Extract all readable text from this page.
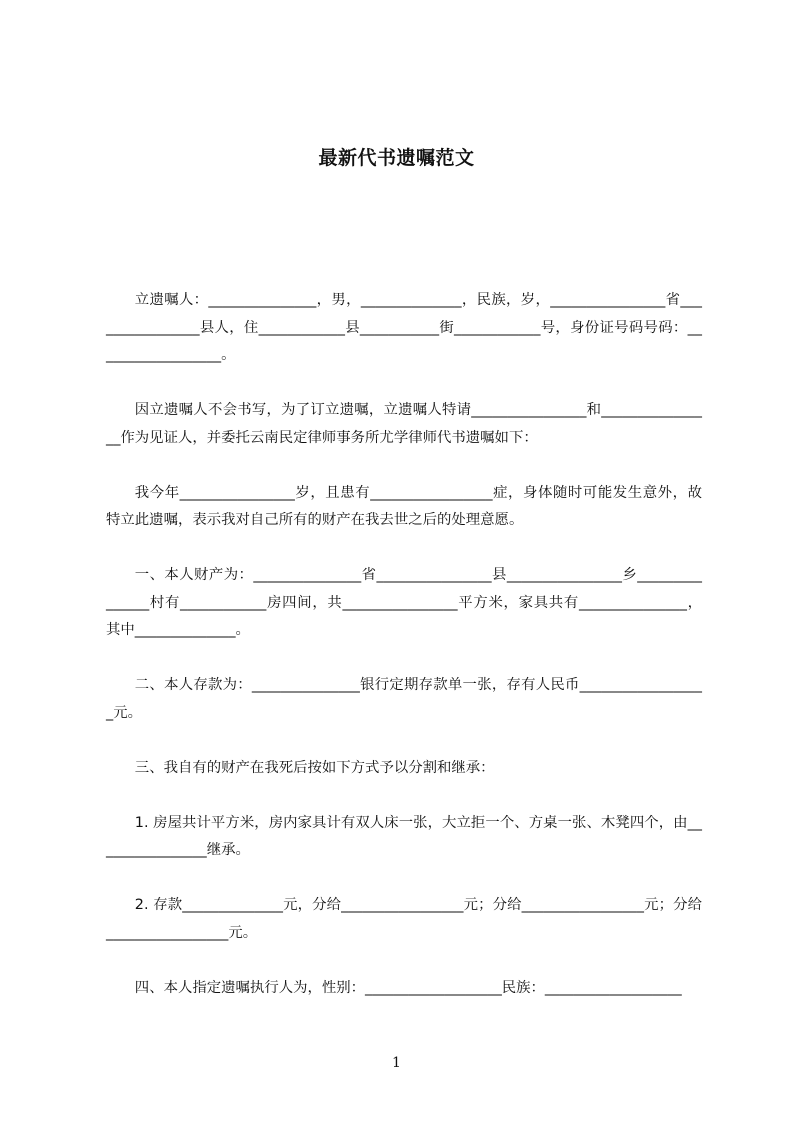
最新代书遗嘱范文

立遗嘱人：_______________，男，______________，民族，岁，________________省________________县人，住____________县___________街____________号，身份证号码号码：__________________。

因立遗嘱人不会书写，为了订立遗嘱，立遗嘱人特请________________和________________作为见证人，并委托云南民定律师事务所尤学律师代书遗嘱如下：

我今年________________岁，且患有_________________症，身体随时可能发生意外，故特立此遗嘱，表示我对自己所有的财产在我去世之后的处理意愿。

一、本人财产为：_______________省________________县________________乡_______________村有____________房四间，共________________平方米，家具共有_______________，其中______________。

二、本人存款为：_______________银行定期存款单一张，存有人民币__________________元。

三、我自有的财产在我死后按如下方式予以分割和继承：

1. 房屋共计平方米，房内家具计有双人床一张，大立拒一个、方桌一张、木凳四个，由________________继承。

2. 存款______________元，分给_________________元；分给_________________元；分给_________________元。

四、本人指定遗嘱执行人为，性别：___________________民族：___________________

1
